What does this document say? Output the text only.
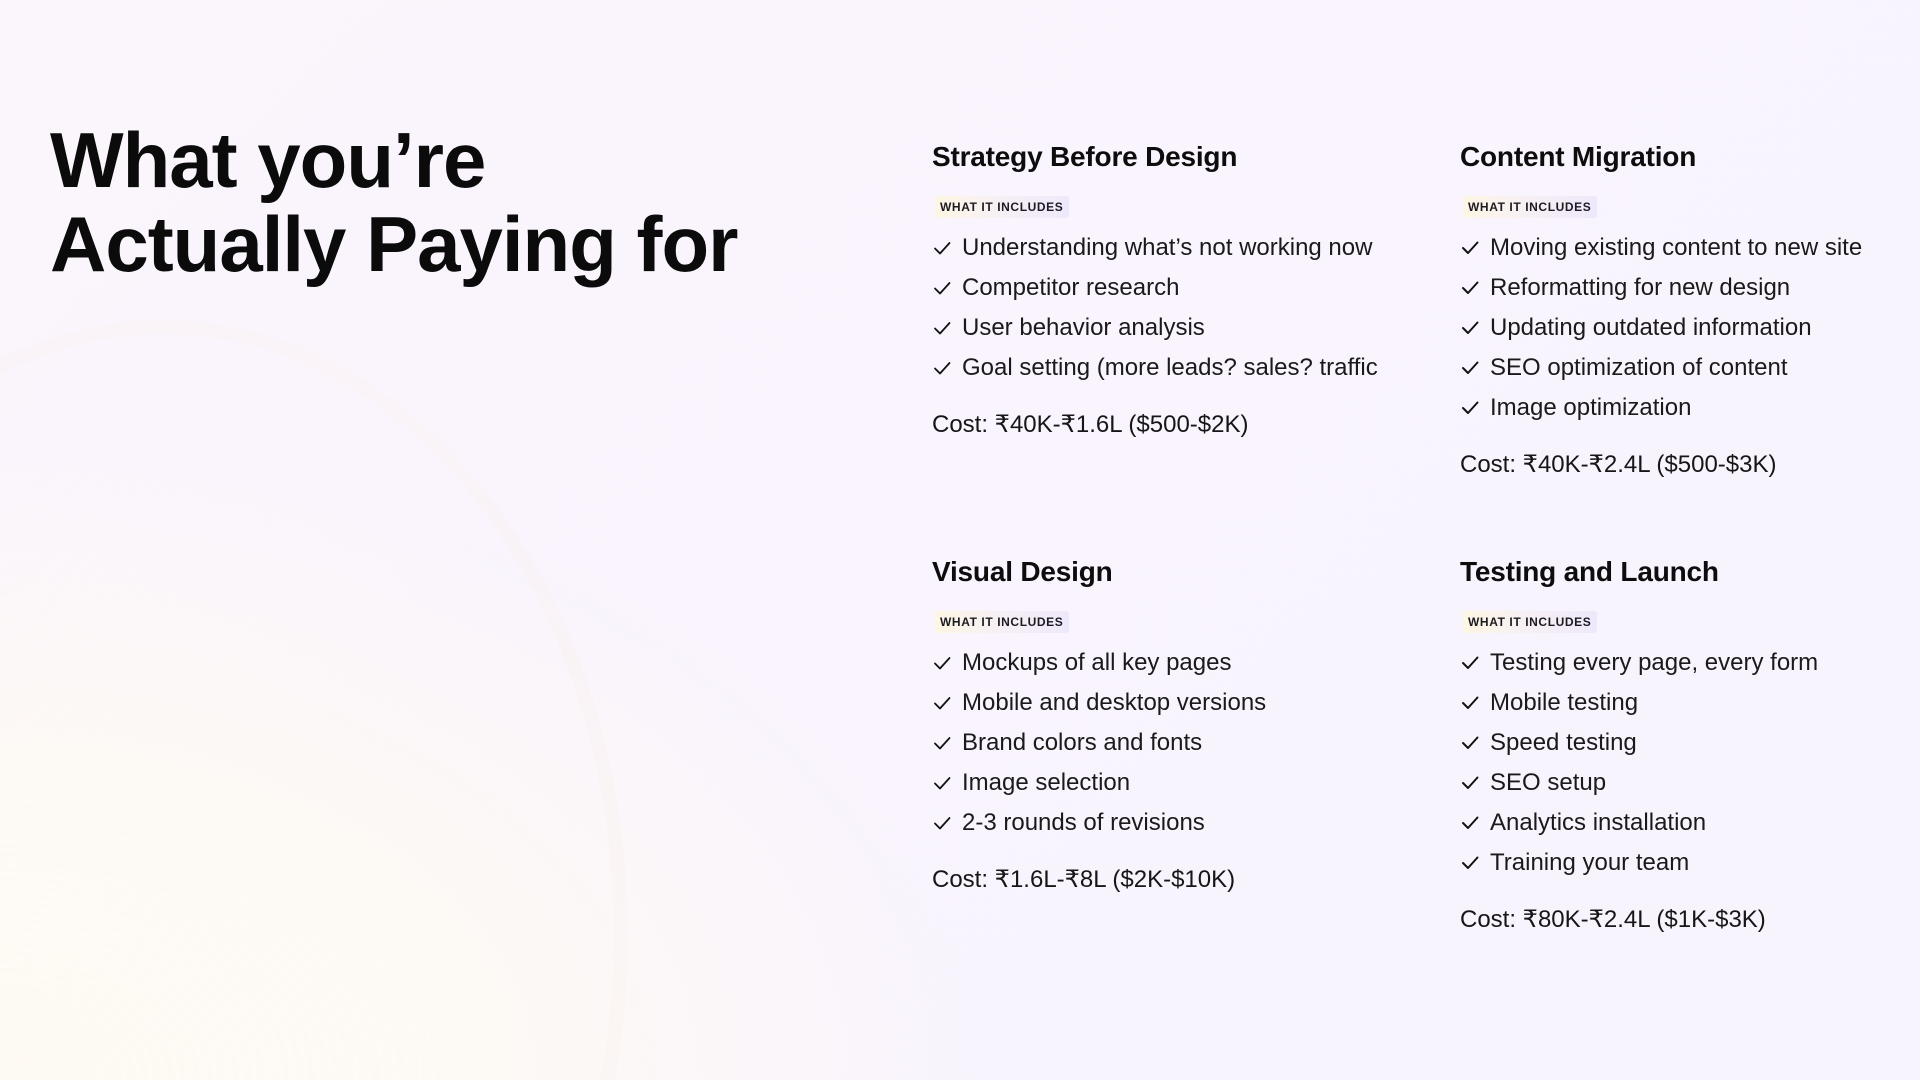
What you’re
Actually Paying for
Strategy Before Design
WHAT IT INCLUDES
Understanding what’s not working now
Competitor research
User behavior analysis
Goal setting (more leads? sales? traffic
Cost: ₹40K-₹1.6L ($500-$2K)
Content Migration
WHAT IT INCLUDES
Moving existing content to new site
Reformatting for new design
Updating outdated information
SEO optimization of content
Image optimization
Cost: ₹40K-₹2.4L ($500-$3K)
Visual Design
WHAT IT INCLUDES
Mockups of all key pages
Mobile and desktop versions
Brand colors and fonts
Image selection
2-3 rounds of revisions
Cost: ₹1.6L-₹8L ($2K-$10K)
Testing and Launch
WHAT IT INCLUDES
Testing every page, every form
Mobile testing
Speed testing
SEO setup
Analytics installation
Training your team
Cost: ₹80K-₹2.4L ($1K-$3K)
